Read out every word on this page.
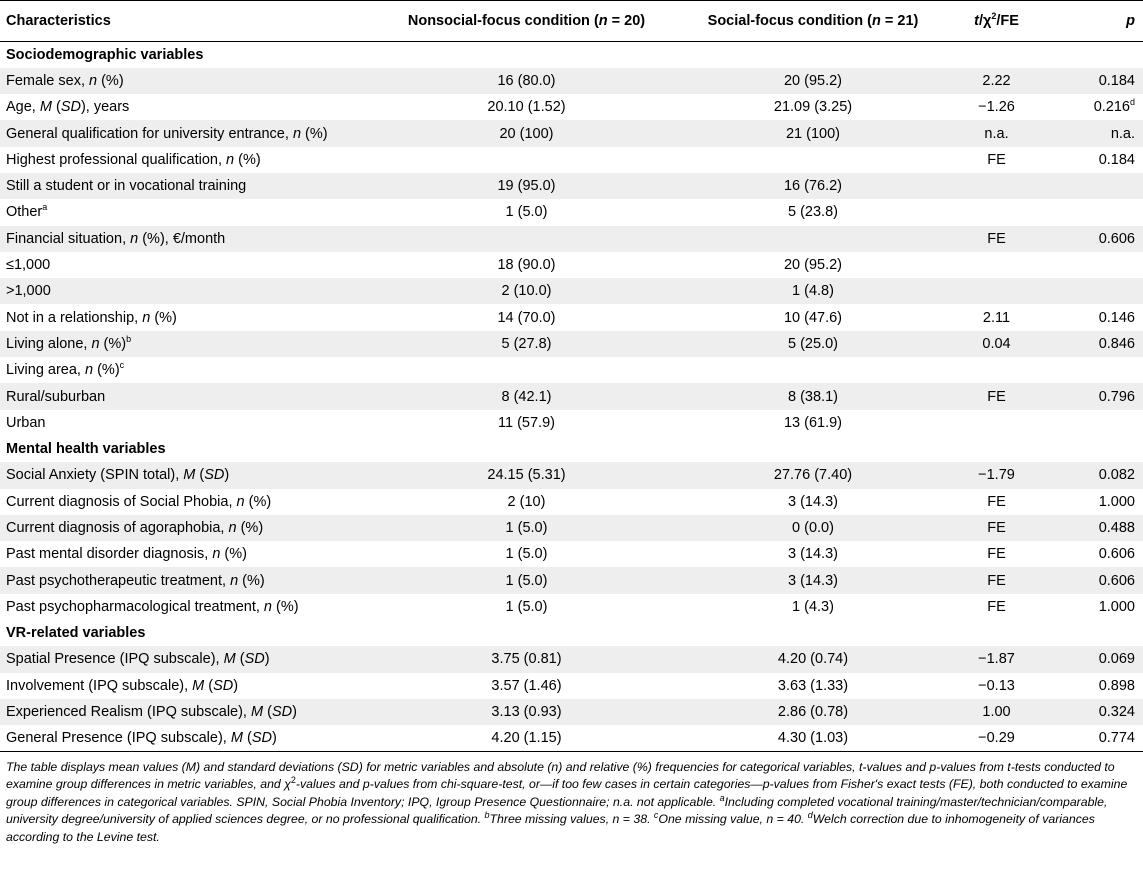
Characteristics	Nonsocial-focus condition (n = 20)	Social-focus condition (n = 21)	$t/\chi^2/FE$	p
Sociodemographic variables				
Female sex, n (%)	16 (80.0)	20 (95.2)	2.22	0.184
Age, M (SD), years	20.10 (1.52)	21.09 (3.25)	−1.26	0.216$^d$
General qualification for university entrance, n (%)	20 (100)	21 (100)	n.a.	n.a.
Highest professional qualification, n (%)			FE	0.184
Still a student or in vocational training	19 (95.0)	16 (76.2)		
Other$^a$	1 (5.0)	5 (23.8)		
Financial situation, n (%), €/month			FE	0.606
≤1,000	18 (90.0)	20 (95.2)		
>1,000	2 (10.0)	1 (4.8)		
Not in a relationship, n (%)	14 (70.0)	10 (47.6)	2.11	0.146
Living alone, n (%)$^b$	5 (27.8)	5 (25.0)	0.04	0.846
Living area, n (%)$^c$				
Rural/suburban	8 (42.1)	8 (38.1)	FE	0.796
Urban	11 (57.9)	13 (61.9)		
Mental health variables				
Social Anxiety (SPIN total), M (SD)	24.15 (5.31)	27.76 (7.40)	−1.79	0.082
Current diagnosis of Social Phobia, n (%)	2 (10)	3 (14.3)	FE	1.000
Current diagnosis of agoraphobia, n (%)	1 (5.0)	0 (0.0)	FE	0.488
Past mental disorder diagnosis, n (%)	1 (5.0)	3 (14.3)	FE	0.606
Past psychotherapeutic treatment, n (%)	1 (5.0)	3 (14.3)	FE	0.606
Past psychopharmacological treatment, n (%)	1 (5.0)	1 (4.3)	FE	1.000
VR-related variables				
Spatial Presence (IPQ subscale), M (SD)	3.75 (0.81)	4.20 (0.74)	−1.87	0.069
Involvement (IPQ subscale), M (SD)	3.57 (1.46)	3.63 (1.33)	−0.13	0.898
Experienced Realism (IPQ subscale), M (SD)	3.13 (0.93)	2.86 (0.78)	1.00	0.324
General Presence (IPQ subscale), M (SD)	4.20 (1.15)	4.30 (1.03)	−0.29	0.774
The table displays mean values (M) and standard deviations (SD) for metric variables and absolute (n) and relative (%) frequencies for categorical variables, t-values and p-values from t-tests conducted to examine group differences in metric variables, and $\chi^2$-values and p-values from chi-square-test, or—if too few cases in certain categories—p-values from Fisher's exact tests (FE), both conducted to examine group differences in categorical variables. SPIN, Social Phobia Inventory; IPQ, Igroup Presence Questionnaire; n.a. not applicable. $^a$Including completed vocational training/master/technician/comparable, university degree/university of applied sciences degree, or no professional qualification. $^b$Three missing values, n = 38. $^c$One missing value, n = 40. $^d$Welch correction due to inhomogeneity of variances according to the Levine test.
